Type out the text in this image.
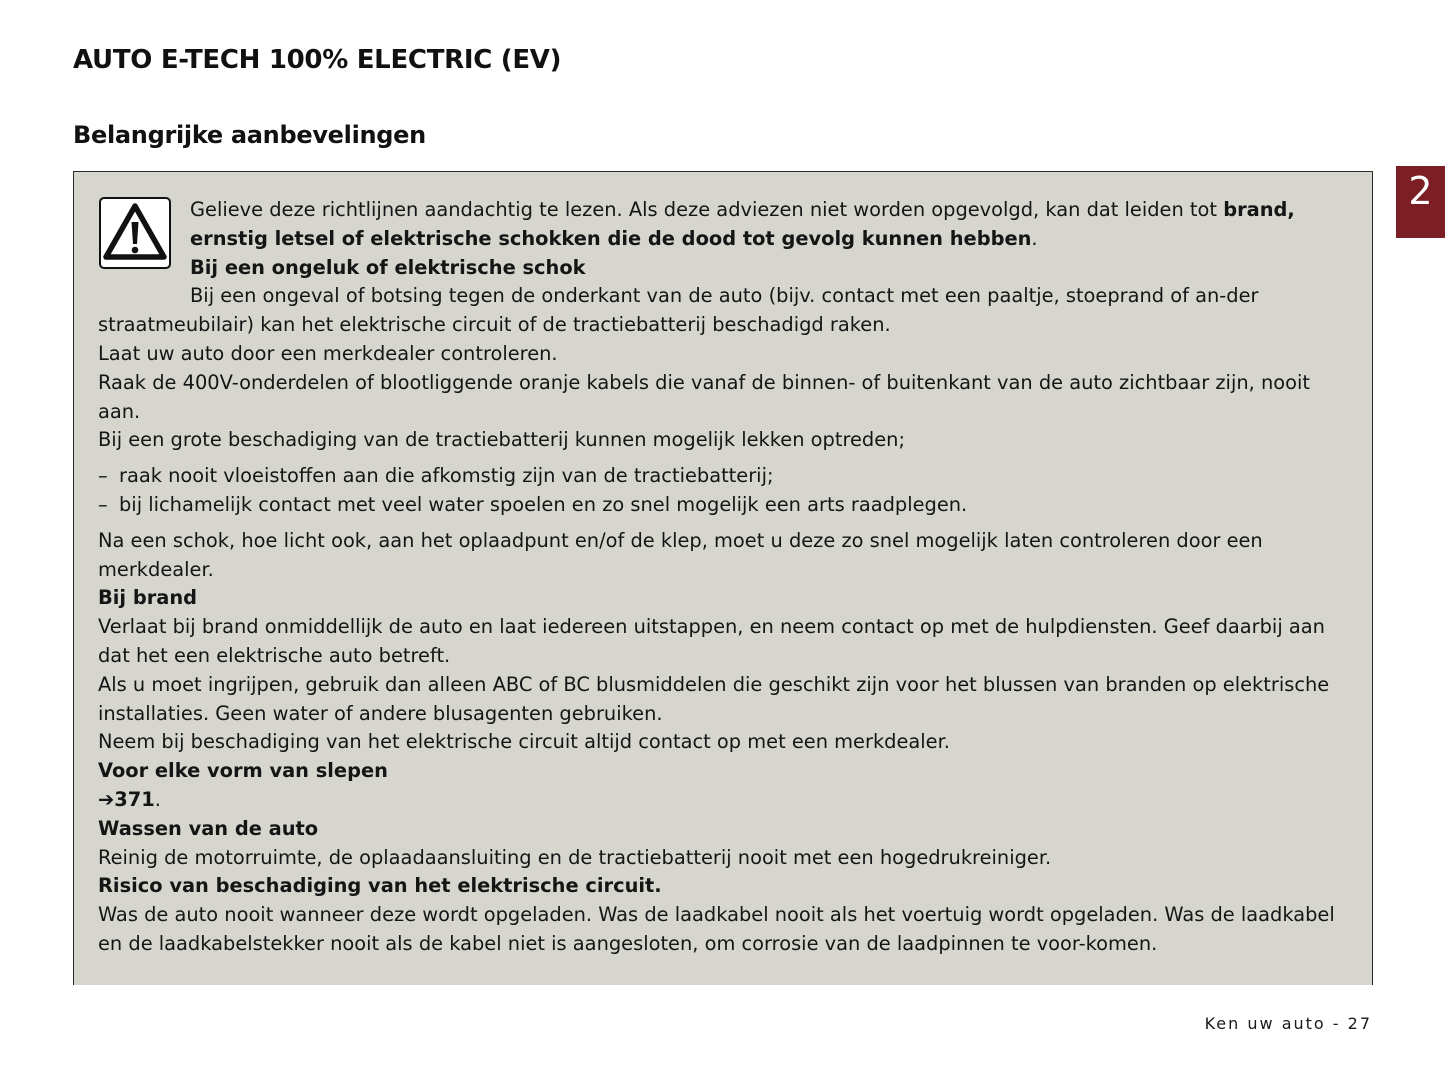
AUTO E-TECH 100% ELECTRIC (EV)
Belangrijke aanbevelingen
2

Gelieve deze richtlijnen aandachtig te lezen. Als deze adviezen niet worden opgevolgd, kan dat leiden tot brand, ernstig letsel of elektrische schokken die de dood tot gevolg kunnen hebben.

Bij een ongeluk of elektrische schok

Bij een ongeval of botsing tegen de onderkant van de auto (bijv. contact met een paaltje, stoeprand of an-der straatmeubilair) kan het elektrische circuit of de tractiebatterij beschadigd raken.

Laat uw auto door een merkdealer controleren.

Raak de 400V-onderdelen of blootliggende oranje kabels die vanaf de binnen- of buitenkant van de auto zichtbaar zijn, nooit aan.

Bij een grote beschadiging van de tractiebatterij kunnen mogelijk lekken optreden;

– raak nooit vloeistoffen aan die afkomstig zijn van de tractiebatterij;
– bij lichamelijk contact met veel water spoelen en zo snel mogelijk een arts raadplegen.

Na een schok, hoe licht ook, aan het oplaadpunt en/of de klep, moet u deze zo snel mogelijk laten controleren door een merkdealer.

Bij brand

Verlaat bij brand onmiddellijk de auto en laat iedereen uitstappen, en neem contact op met de hulpdiensten. Geef daarbij aan dat het een elektrische auto betreft.

Als u moet ingrijpen, gebruik dan alleen ABC of BC blusmiddelen die geschikt zijn voor het blussen van branden op elektrische installaties. Geen water of andere blusagenten gebruiken.

Neem bij beschadiging van het elektrische circuit altijd contact op met een merkdealer.

Voor elke vorm van slepen

➔371.

Wassen van de auto

Reinig de motorruimte, de oplaadaansluiting en de tractiebatterij nooit met een hogedrukreiniger.

Risico van beschadiging van het elektrische circuit.

Was de auto nooit wanneer deze wordt opgeladen. Was de laadkabel nooit als het voertuig wordt opgeladen. Was de laadkabel en de laadkabelstekker nooit als de kabel niet is aangesloten, om corrosie van de laadpinnen te voor-komen.

Ken uw auto - 27
